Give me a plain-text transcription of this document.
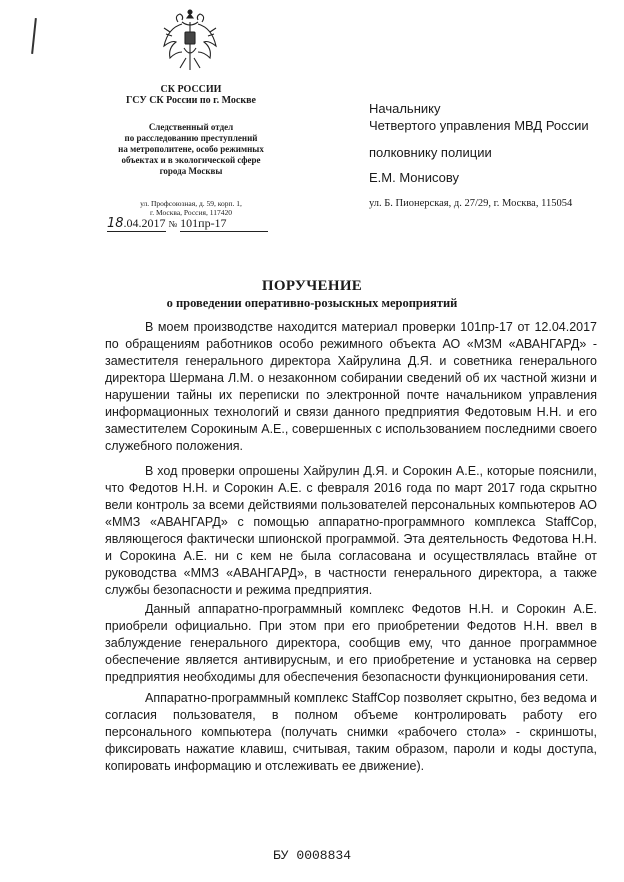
СК РОССИИ
ГСУ СК России по г. Москве
Следственный отдел
по расследованию преступлений
на метрополитене, особо режимных
объектах и в экологической сфере
города Москвы
ул. Профсоюзная, д. 59, корп. 1,
г. Москва, Россия, 117420
18.04.2017 № 101пр-17
Начальнику
Четвертого управления МВД России
полковнику полиции
Е.М. Монисову
ул. Б. Пионерская, д. 27/29, г. Москва, 115054
ПОРУЧЕНИЕ
о проведении оперативно-розыскных мероприятий

В моем производстве находится материал проверки 101пр-17 от 12.04.2017 по обращениям работников особо режимного объекта АО «МЗМ «АВАНГАРД» - заместителя генерального директора Хайрулина Д.Я. и советника генерального директора Шермана Л.М. о незаконном собирании сведений об их частной жизни и нарушении тайны их переписки по электронной почте начальником управления информационных технологий и связи данного предприятия Федотовым Н.Н. и его заместителем Сорокиным А.Е., совершенных с использованием последними своего служебного положения.

В ход проверки опрошены Хайрулин Д.Я. и Сорокин А.Е., которые пояснили, что Федотов Н.Н. и Сорокин А.Е. с февраля 2016 года по март 2017 года скрытно вели контроль за всеми действиями пользователей персональных компьютеров АО «ММЗ «АВАНГАРД» с помощью аппаратно-программного комплекса StaffCop, являющегося фактически шпионской программой. Эта деятельность Федотова Н.Н. и Сорокина А.Е. ни с кем не была согласована и осуществлялась втайне от руководства «ММЗ «АВАНГАРД», в частности генерального директора, а также службы безопасности и режима предприятия.

Данный аппаратно-программный комплекс Федотов Н.Н. и Сорокин А.Е. приобрели официально. При этом при его приобретении Федотов Н.Н. ввел в заблуждение генерального директора, сообщив ему, что данное программное обеспечение является антивирусным, и его приобретение и установка на сервер предприятия необходимы для обеспечения безопасности функционирования сети.

Аппаратно-программный комплекс StaffCop позволяет скрытно, без ведома и согласия пользователя, в полном объеме контролировать работу его персонального компьютера (получать снимки «рабочего стола» - скриншоты, фиксировать нажатие клавиш, считывая, таким образом, пароли и коды доступа, копировать информацию и отслеживать ее движение).

БУ 0008834
